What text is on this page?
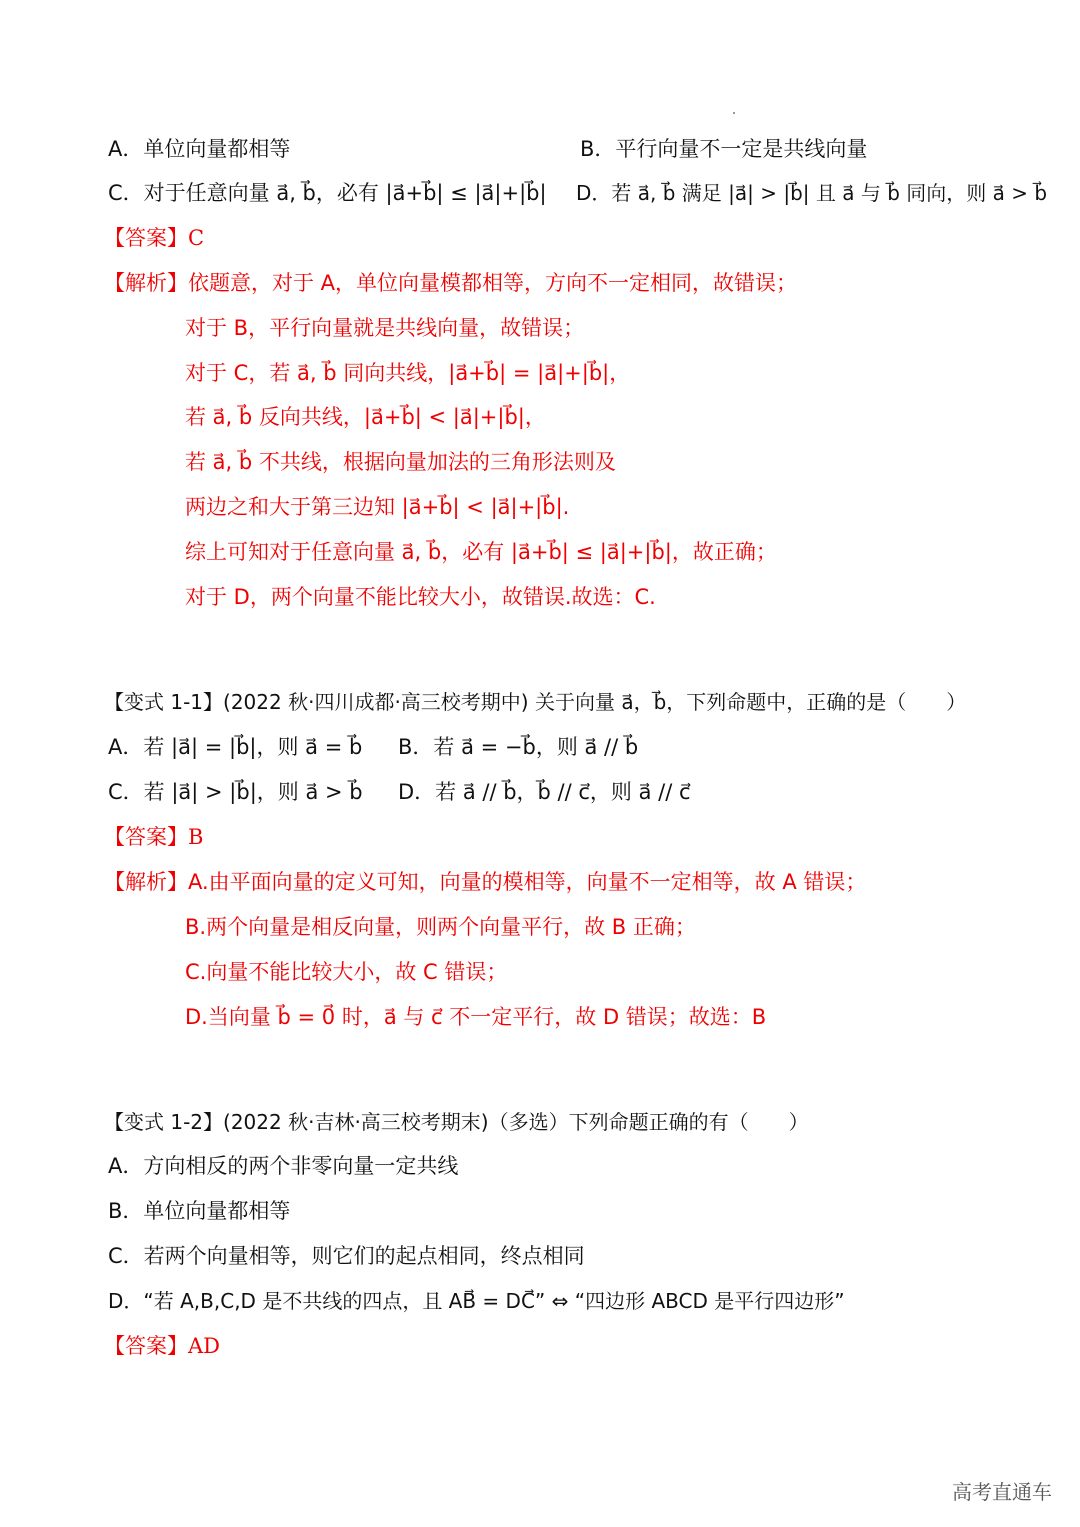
A．单位向量都相等	B．平行向量不一定是共线向量
C．对于任意向量 a⃗, b⃗，必有 |a⃗+b⃗| ≤ |a⃗|+|b⃗| D．若 a⃗, b⃗ 满足 |a⃗| > |b⃗| 且 a⃗ 与 b⃗ 同向，则 a⃗ > b⃗
【答案】C
【解析】依题意，对于 A，单位向量模都相等，方向不一定相同，故错误；
对于 B，平行向量就是共线向量，故错误；
对于 C，若 a⃗, b⃗ 同向共线，|a⃗+b⃗| = |a⃗|+|b⃗|，
若 a⃗, b⃗ 反向共线，|a⃗+b⃗| < |a⃗|+|b⃗|，
若 a⃗, b⃗ 不共线，根据向量加法的三角形法则及
两边之和大于第三边知 |a⃗+b⃗| < |a⃗|+|b⃗|.
综上可知对于任意向量 a⃗, b⃗，必有 |a⃗+b⃗| ≤ |a⃗|+|b⃗|，故正确；
对于 D，两个向量不能比较大小，故错误.故选：C.
【变式 1-1】(2022 秋·四川成都·高三校考期中) 关于向量 a⃗，b⃗，下列命题中，正确的是（　　）
A．若 |a⃗| = |b⃗|，则 a⃗ = b⃗ B．若 a⃗ = −b⃗，则 a⃗ // b⃗
C．若 |a⃗| > |b⃗|，则 a⃗ > b⃗ D．若 a⃗ // b⃗，b⃗ // c⃗，则 a⃗ // c⃗
【答案】B
【解析】A.由平面向量的定义可知，向量的模相等，向量不一定相等，故 A 错误；
B.两个向量是相反向量，则两个向量平行，故 B 正确；
C.向量不能比较大小，故 C 错误；
D.当向量 b⃗ = 0⃗ 时，a⃗ 与 c⃗ 不一定平行，故 D 错误；故选：B
【变式 1-2】(2022 秋·吉林·高三校考期末)（多选）下列命题正确的有（　　）
A．方向相反的两个非零向量一定共线
B．单位向量都相等
C．若两个向量相等，则它们的起点相同，终点相同
D．“若 A,B,C,D 是不共线的四点，且 AB⃗ = DC⃗” ⇔ “四边形 ABCD 是平行四边形”
【答案】AD
高考直通车
